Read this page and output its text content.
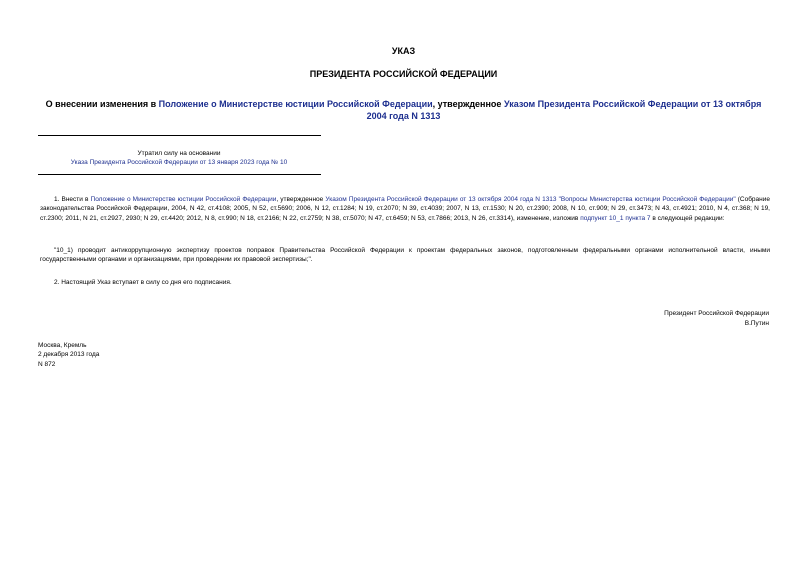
УКАЗ
ПРЕЗИДЕНТА РОССИЙСКОЙ ФЕДЕРАЦИИ
О внесении изменения в Положение о Министерстве юстиции Российской Федерации, утвержденное Указом Президента Российской Федерации от 13 октября 2004 года N 1313
Утратил силу на основании
Указа Президента Российской Федерации от 13 января 2023 года № 10
1. Внести в Положение о Министерстве юстиции Российской Федерации, утвержденное Указом Президента Российской Федерации от 13 октября 2004 года N 1313 "Вопросы Министерства юстиции Российской Федерации" (Собрание законодательства Российской Федерации, 2004, N 42, ст.4108; 2005, N 52, ст.5690; 2006, N 12, ст.1284; N 19, ст.2070; N 39, ст.4039; 2007, N 13, ст.1530; N 20, ст.2390; 2008, N 10, ст.909; N 29, ст.3473; N 43, ст.4921; 2010, N 4, ст.368; N 19, ст.2300; 2011, N 21, ст.2927, 2930; N 29, ст.4420; 2012, N 8, ст.990; N 18, ст.2166; N 22, ст.2759; N 38, ст.5070; N 47, ст.6459; N 53, ст.7866; 2013, N 26, ст.3314), изменение, изложив подпункт 10_1 пункта 7 в следующей редакции:
"10_1) проводит антикоррупционную экспертизу проектов поправок Правительства Российской Федерации к проектам федеральных законов, подготовленным федеральными органами исполнительной власти, иными государственными органами и организациями, при проведении их правовой экспертизы;".
2. Настоящий Указ вступает в силу со дня его подписания.
Президент Российской Федерации
В.Путин
Москва, Кремль
2 декабря 2013 года
N 872
